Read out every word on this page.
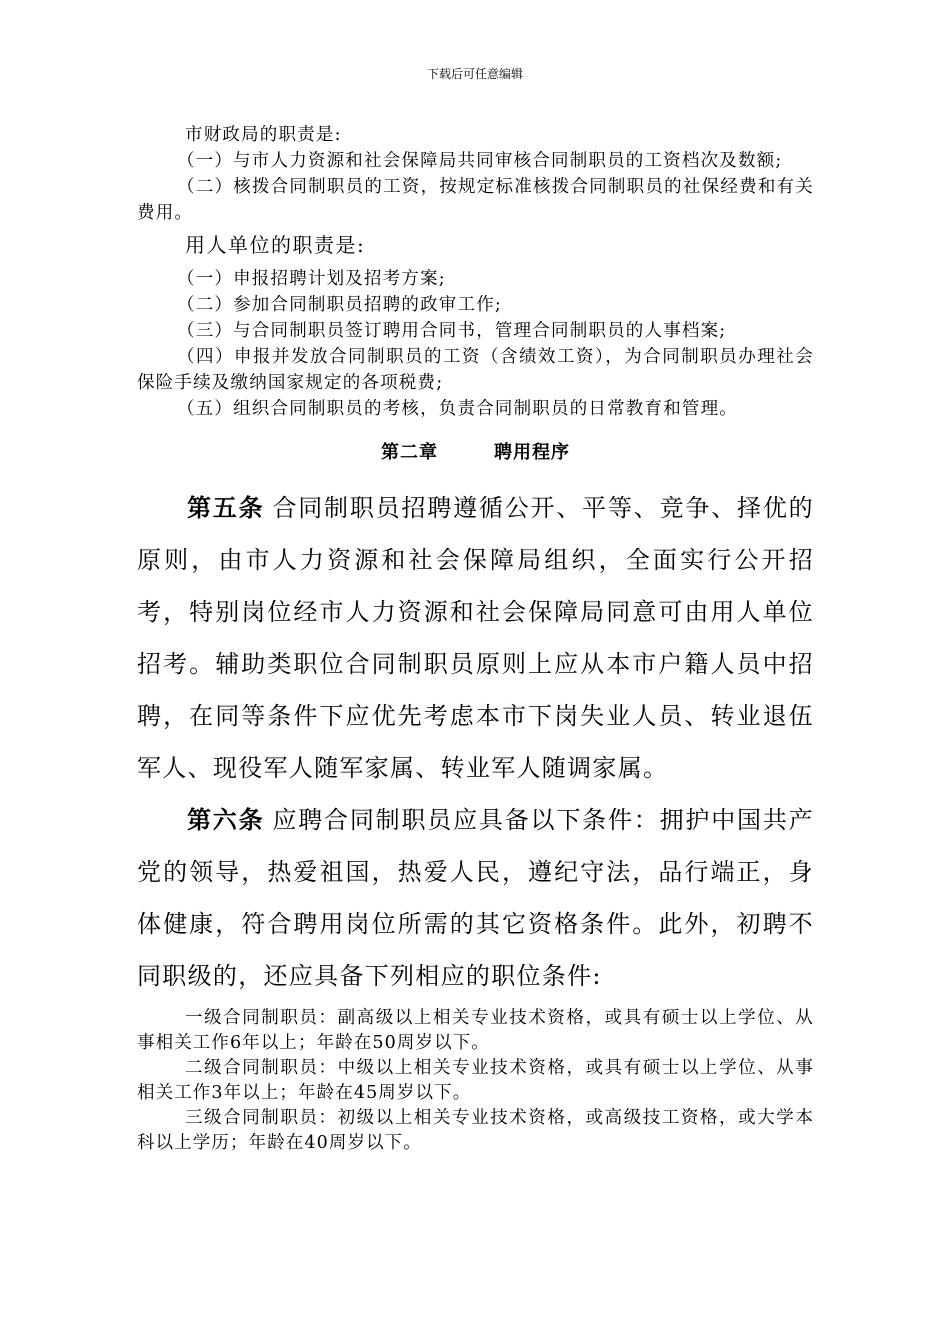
下载后可任意编辑

市财政局的职责是:

（一）与市人力资源和社会保障局共同审核合同制职员的工资档次及数额;

（二）核拨合同制职员的工资，按规定标准核拨合同制职员的社保经费和有关费用。

用人单位的职责是:

（一）申报招聘计划及招考方案;

（二）参加合同制职员招聘的政审工作;

（三）与合同制职员签订聘用合同书，管理合同制职员的人事档案;

（四）申报并发放合同制职员的工资（含绩效工资），为合同制职员办理社会保险手续及缴纳国家规定的各项税费;

（五）组织合同制职员的考核，负责合同制职员的日常教育和管理。

第二章	聘用程序

第五条 合同制职员招聘遵循公开、平等、竞争、择优的原则，由市人力资源和社会保障局组织，全面实行公开招考，特别岗位经市人力资源和社会保障局同意可由用人单位招考。辅助类职位合同制职员原则上应从本市户籍人员中招聘，在同等条件下应优先考虑本市下岗失业人员、转业退伍军人、现役军人随军家属、转业军人随调家属。

第六条 应聘合同制职员应具备以下条件：拥护中国共产党的领导，热爱祖国，热爱人民，遵纪守法，品行端正，身体健康，符合聘用岗位所需的其它资格条件。此外，初聘不同职级的，还应具备下列相应的职位条件:

一级合同制职员：副高级以上相关专业技术资格，或具有硕士以上学位、从事相关工作6年以上；年龄在50周岁以下。

二级合同制职员：中级以上相关专业技术资格，或具有硕士以上学位、从事相关工作3年以上；年龄在45周岁以下。

三级合同制职员：初级以上相关专业技术资格，或高级技工资格，或大学本科以上学历；年龄在40周岁以下。
